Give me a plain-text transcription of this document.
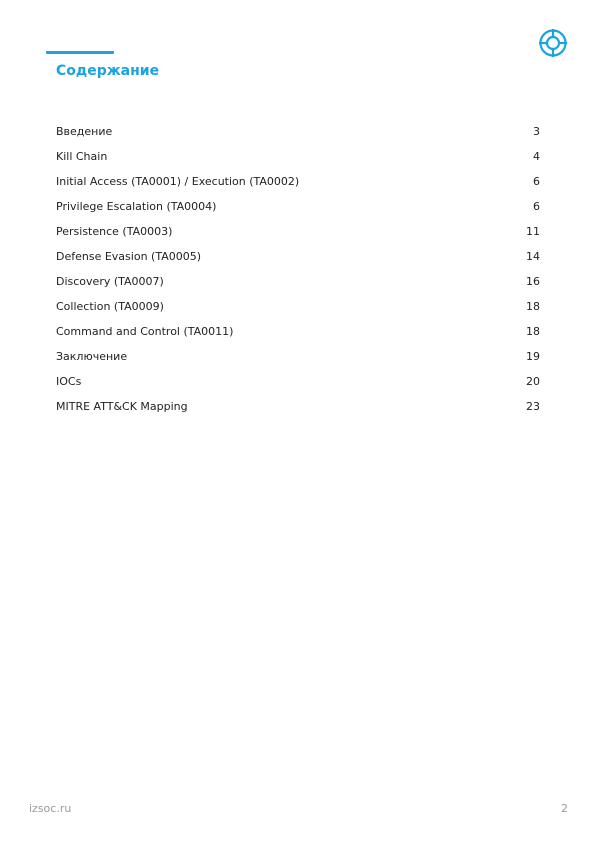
Содержание
Введение	3
Kill Chain	4
Initial Access (TA0001) / Execution (TA0002)	6
Privilege Escalation (TA0004)	6
Persistence (TA0003)	11
Defense Evasion (TA0005)	14
Discovery (TA0007)	16
Collection (TA0009)	18
Command and Control (TA0011)	18
Заключение	19
IOCs	20
MITRE ATT&CK Mapping	23
izsoc.ru	2
